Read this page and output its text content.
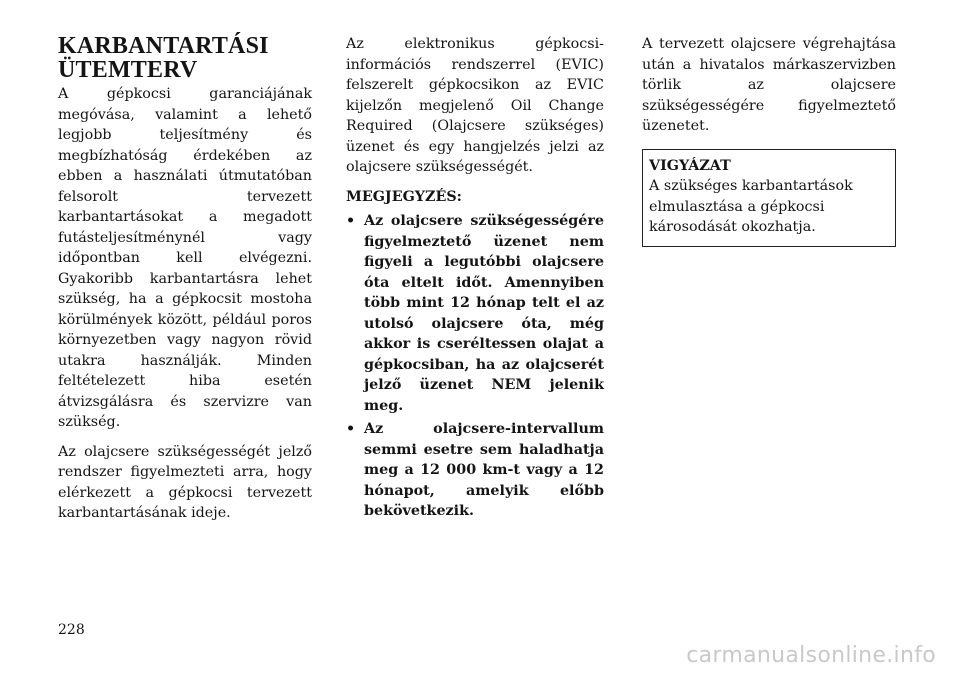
KARBANTARTÁSI
ÜTEMTERV

A gépkocsi garanciájának megóvása, valamint a lehető legjobb teljesítmény és megbízhatóság érdekében az ebben a használati útmutatóban felsorolt tervezett karbantartásokat a megadott futásteljesítménynél vagy időpontban kell elvégezni. Gyakoribb karbantartásra lehet szükség, ha a gépkocsit mostoha körülmények között, például poros környezetben vagy nagyon rövid utakra használják. Minden feltételezett hiba esetén átvizsgálásra és szervizre van szükség.

Az olajcsere szükségességét jelző rendszer figyelmezteti arra, hogy elérkezett a gépkocsi tervezett karbantartásának ideje.

Az elektronikus gépkocsi-információs rendszerrel (EVIC) felszerelt gépkocsikon az EVIC kijelzőn megjelenő Oil Change Required (Olajcsere szükséges) üzenet és egy hangjelzés jelzi az olajcsere szükségességét.

MEGJEGYZÉS:
• Az olajcsere szükségességére figyelmeztető üzenet nem figyeli a legutóbbi olajcsere óta eltelt időt. Amennyiben több mint 12 hónap telt el az utolsó olajcsere óta, még akkor is cseréltessen olajat a gépkocsiban, ha az olajcserét jelző üzenet NEM jelenik meg.
• Az olajcsere-intervallum semmi esetre sem haladhatja meg a 12 000 km-t vagy a 12 hónapot, amelyik előbb bekövetkezik.

A tervezett olajcsere végrehajtása után a hivatalos márkaszervizben törlik az olajcsere szükségességére figyelmeztető üzenetet.

VIGYÁZAT
A szükséges karbantartások elmulasztása a gépkocsi károsodását okozhatja.
228
carmanualsonline.info
